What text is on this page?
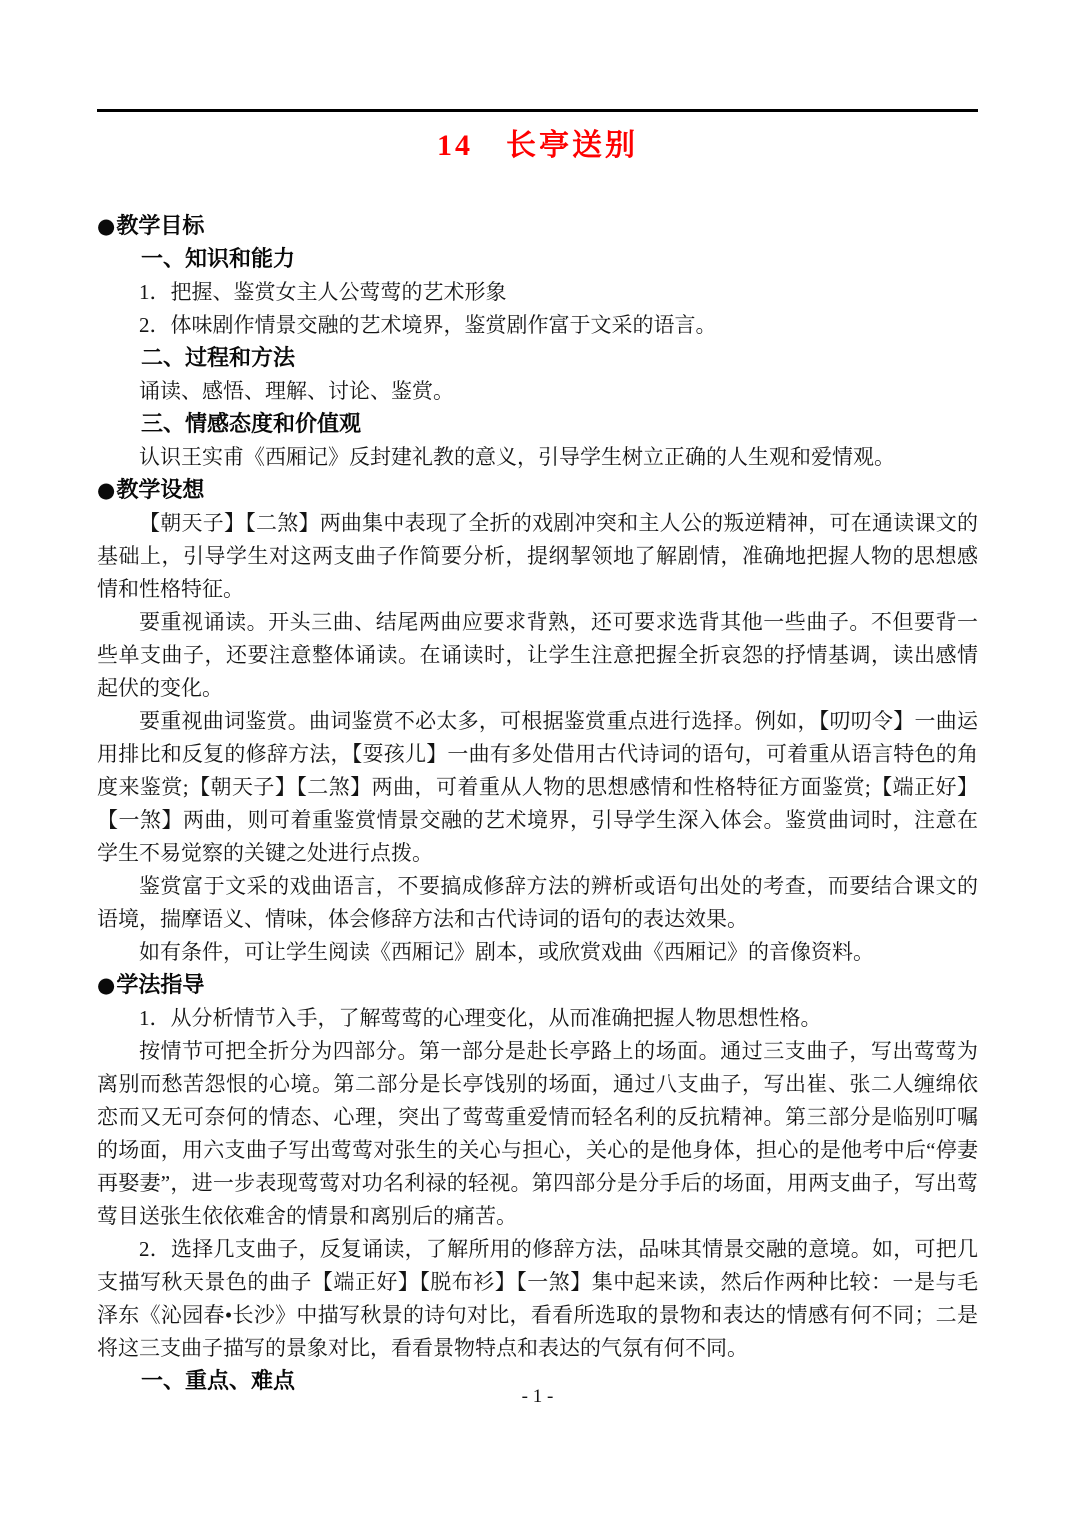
14　长亭送别
●教学目标
一、知识和能力

1．把握、鉴赏女主人公莺莺的艺术形象

2．体味剧作情景交融的艺术境界，鉴赏剧作富于文采的语言。

二、过程和方法

诵读、感悟、理解、讨论、鉴赏。

三、情感态度和价值观

认识王实甫《西厢记》反封建礼教的意义，引导学生树立正确的人生观和爱情观。

●教学设想

【朝天子】【二煞】两曲集中表现了全折的戏剧冲突和主人公的叛逆精神，可在通读课文的基础上，引导学生对这两支曲子作简要分析，提纲挈领地了解剧情，准确地把握人物的思想感情和性格特征。

要重视诵读。开头三曲、结尾两曲应要求背熟，还可要求选背其他一些曲子。不但要背一些单支曲子，还要注意整体诵读。在诵读时，让学生注意把握全折哀怨的抒情基调，读出感情起伏的变化。

要重视曲词鉴赏。曲词鉴赏不必太多，可根据鉴赏重点进行选择。例如，【叨叨令】一曲运用排比和反复的修辞方法，【耍孩儿】一曲有多处借用古代诗词的语句，可着重从语言特色的角度来鉴赏;【朝天子】【二煞】两曲，可着重从人物的思想感情和性格特征方面鉴赏;【端正好】【一煞】两曲，则可着重鉴赏情景交融的艺术境界，引导学生深入体会。鉴赏曲词时，注意在学生不易觉察的关键之处进行点拨。

鉴赏富于文采的戏曲语言，不要搞成修辞方法的辨析或语句出处的考查，而要结合课文的语境，揣摩语义、情味，体会修辞方法和古代诗词的语句的表达效果。

如有条件，可让学生阅读《西厢记》剧本，或欣赏戏曲《西厢记》的音像资料。

●学法指导

1．从分析情节入手，了解莺莺的心理变化，从而准确把握人物思想性格。

按情节可把全折分为四部分。第一部分是赴长亭路上的场面。通过三支曲子，写出莺莺为离别而愁苦怨恨的心境。第二部分是长亭饯别的场面，通过八支曲子，写出崔、张二人缠绵依恋而又无可奈何的情态、心理，突出了莺莺重爱情而轻名利的反抗精神。第三部分是临别叮嘱的场面，用六支曲子写出莺莺对张生的关心与担心，关心的是他身体，担心的是他考中后“停妻再娶妻”，进一步表现莺莺对功名利禄的轻视。第四部分是分手后的场面，用两支曲子，写出莺莺目送张生依依难舍的情景和离别后的痛苦。

2．选择几支曲子，反复诵读，了解所用的修辞方法，品味其情景交融的意境。如，可把几支描写秋天景色的曲子【端正好】【脱布衫】【一煞】集中起来读，然后作两种比较：一是与毛泽东《沁园春•长沙》中描写秋景的诗句对比，看看所选取的景物和表达的情感有何不同；二是将这三支曲子描写的景象对比，看看景物特点和表达的气氛有何不同。

一、重点、难点
- 1 -
